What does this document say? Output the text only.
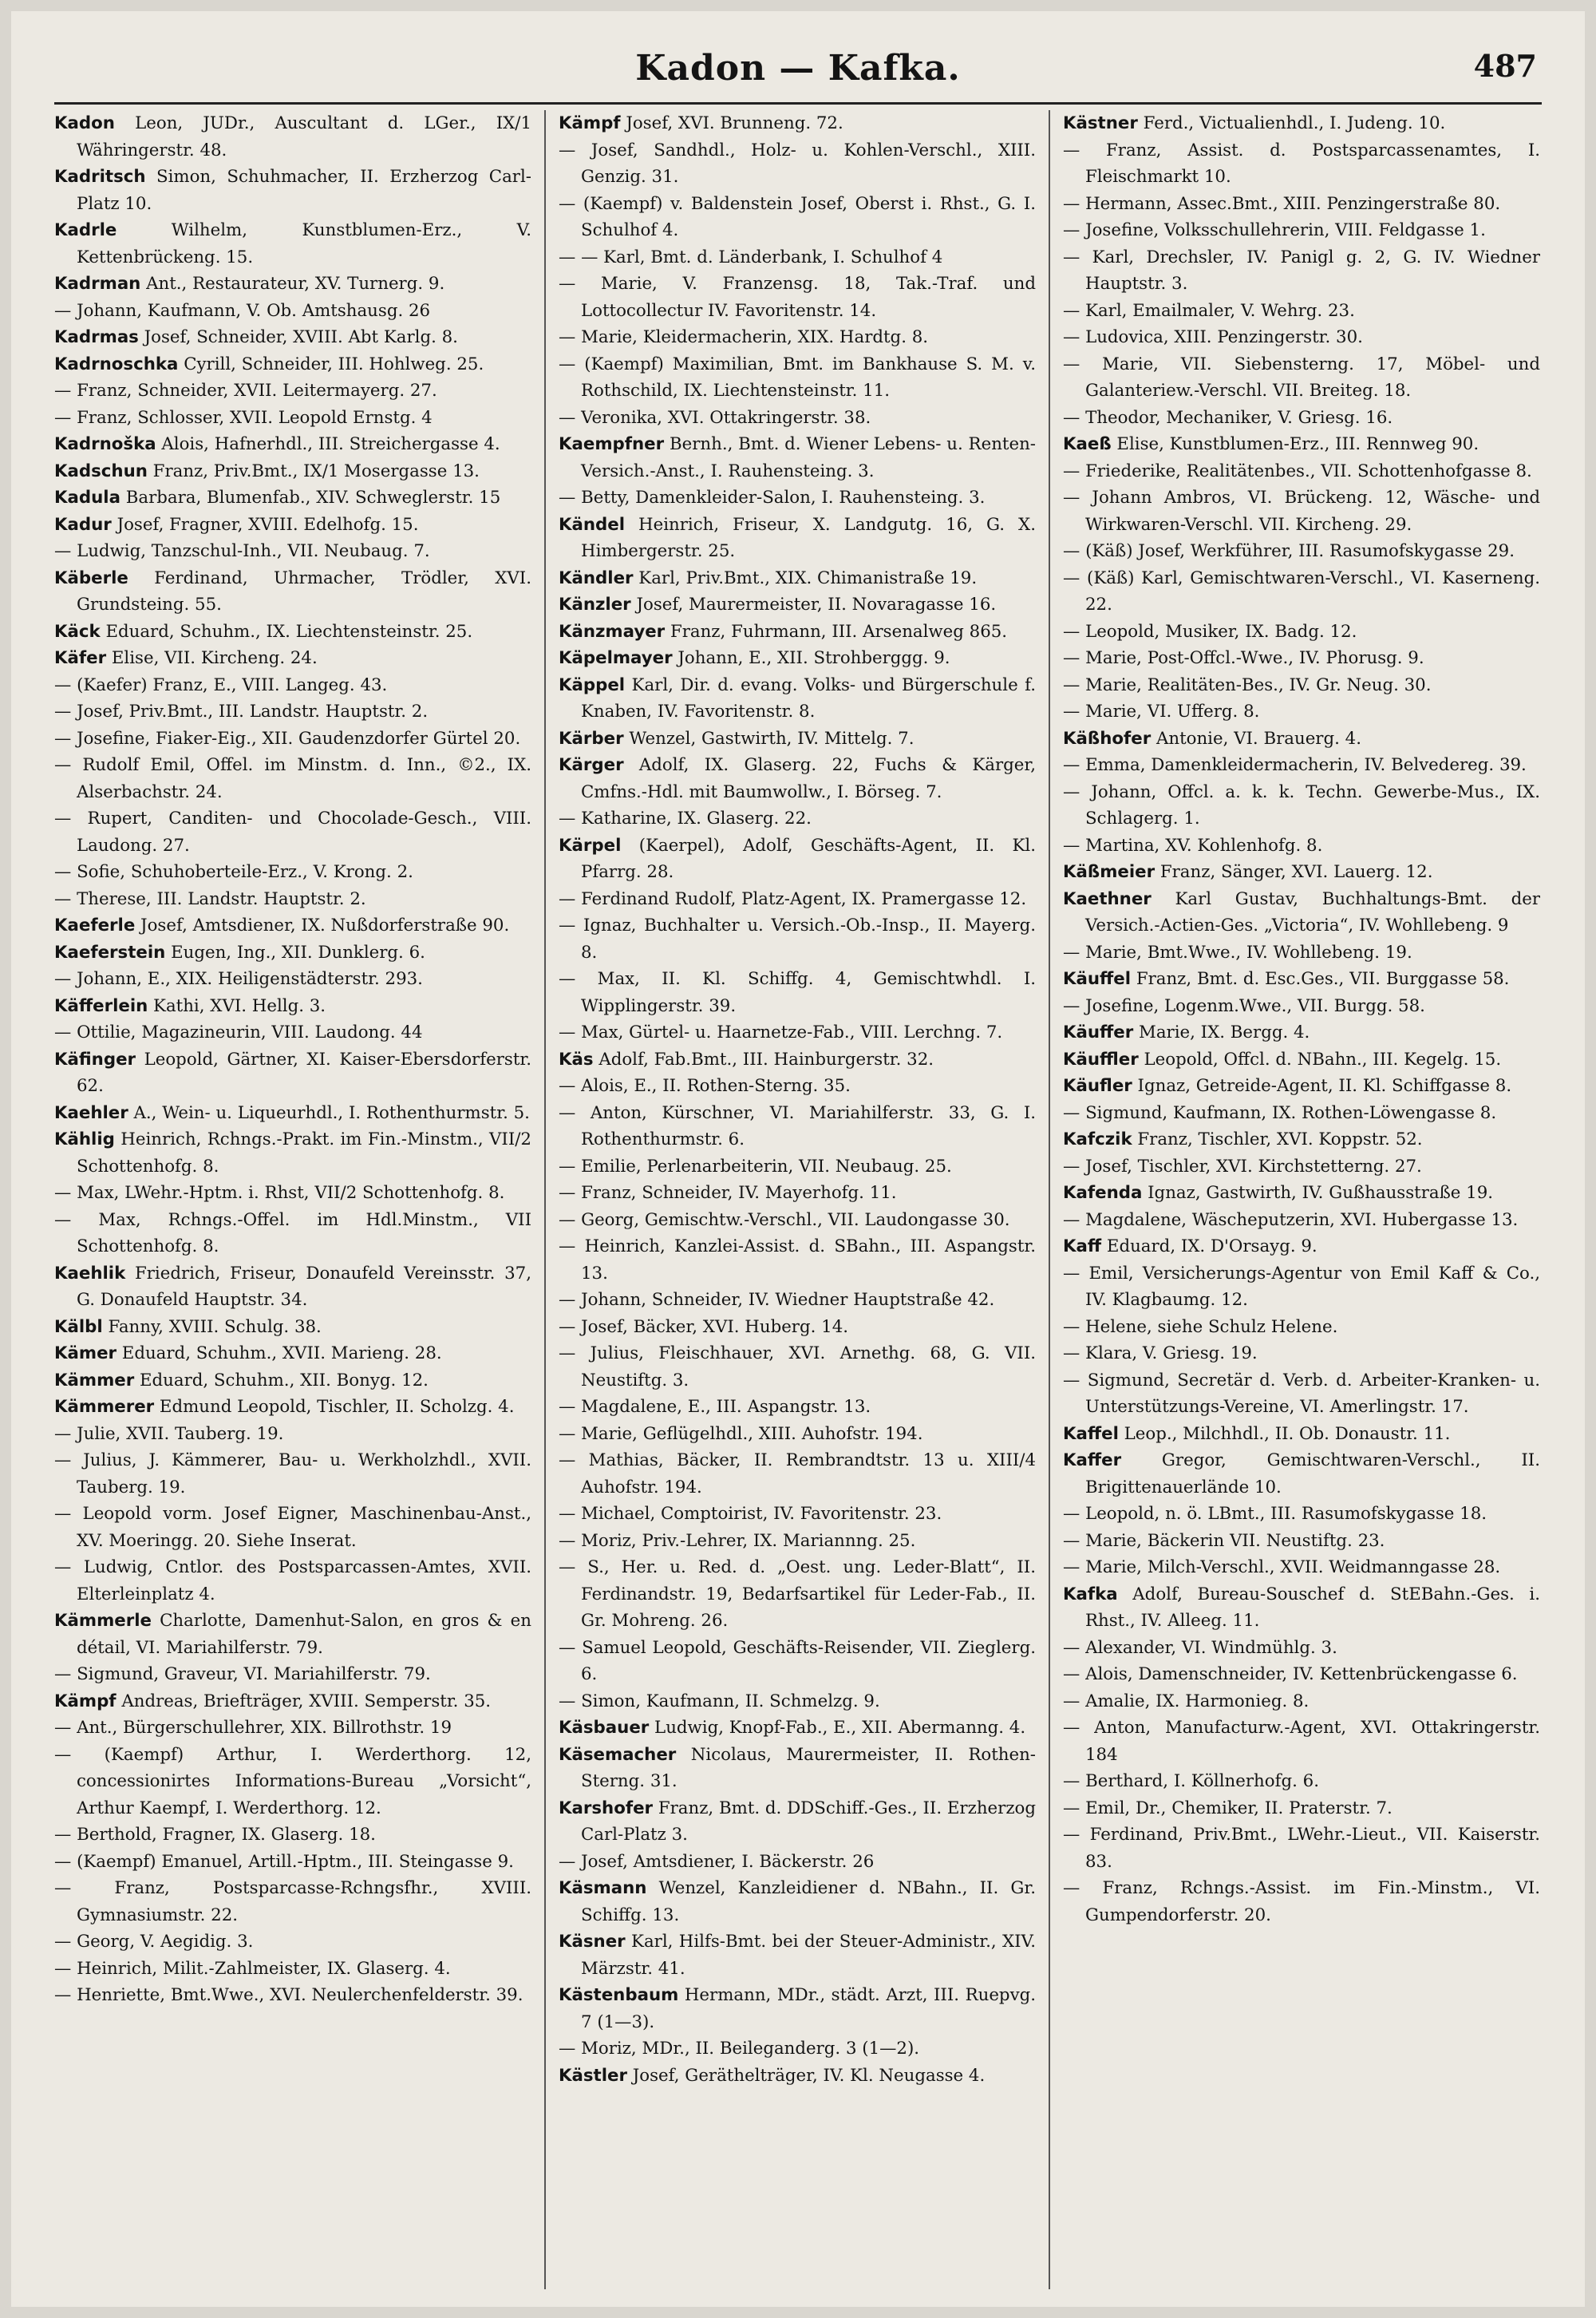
Kadon — Kafka.	487

Kadon Leon, JUDr., Auscultant d. LGer., IX/1 Währingerstr. 48.

Kadritsch Simon, Schuhmacher, II. Erzherzog Carl-Platz 10.

Kadrle Wilhelm, Kunstblumen-Erz., V. Kettenbrückeng. 15.

Kadrman Ant., Restaurateur, XV. Turnerg. 9.

— Johann, Kaufmann, V. Ob. Amtshausg. 26

Kadrmas Josef, Schneider, XVIII. Abt Karlg. 8.

Kadrnoschka Cyrill, Schneider, III. Hohlweg. 25.

— Franz, Schneider, XVII. Leitermayerg. 27.

— Franz, Schlosser, XVII. Leopold Ernstg. 4

Kadrnoška Alois, Hafnerhdl., III. Streichergasse 4.

Kadschun Franz, Priv.Bmt., IX/1 Mosergasse 13.

Kadula Barbara, Blumenfab., XIV. Schweglerstr. 15

Kadur Josef, Fragner, XVIII. Edelhofg. 15.

— Ludwig, Tanzschul-Inh., VII. Neubaug. 7.

Käberle Ferdinand, Uhrmacher, Trödler, XVI. Grundsteing. 55.

Käck Eduard, Schuhm., IX. Liechtensteinstr. 25.

Käfer Elise, VII. Kircheng. 24.

— (Kaefer) Franz, E., VIII. Langeg. 43.

— Josef, Priv.Bmt., III. Landstr. Hauptstr. 2.

— Josefine, Fiaker-Eig., XII. Gaudenzdorfer Gürtel 20.

— Rudolf Emil, Offel. im Minstm. d. Inn., ©2., IX. Alserbachstr. 24.

— Rupert, Canditen- und Chocolade-Gesch., VIII. Laudong. 27.

— Sofie, Schuhoberteile-Erz., V. Krong. 2.

— Therese, III. Landstr. Hauptstr. 2.

Kaeferle Josef, Amtsdiener, IX. Nußdorferstraße 90.

Kaeferstein Eugen, Ing., XII. Dunklerg. 6.

— Johann, E., XIX. Heiligenstädterstr. 293.

Käfferlein Kathi, XVI. Hellg. 3.

— Ottilie, Magazineurin, VIII. Laudong. 44

Käfinger Leopold, Gärtner, XI. Kaiser-Ebersdorferstr. 62.

Kaehler A., Wein- u. Liqueurhdl., I. Rothenthurmstr. 5.

Kählig Heinrich, Rchngs.-Prakt. im Fin.-Minstm., VII/2 Schottenhofg. 8.

— Max, LWehr.-Hptm. i. Rhst, VII/2 Schottenhofg. 8.

— Max, Rchngs.-Offel. im Hdl.Minstm., VII Schottenhofg. 8.

Kaehlik Friedrich, Friseur, Donaufeld Vereinsstr. 37, G. Donaufeld Hauptstr. 34.

Kälbl Fanny, XVIII. Schulg. 38.

Kämer Eduard, Schuhm., XVII. Marieng. 28.

Kämmer Eduard, Schuhm., XII. Bonyg. 12.

Kämmerer Edmund Leopold, Tischler, II. Scholzg. 4.

— Julie, XVII. Tauberg. 19.

— Julius, J. Kämmerer, Bau- u. Werkholzhdl., XVII. Tauberg. 19.

— Leopold vorm. Josef Eigner, Maschinenbau-Anst., XV. Moeringg. 20. Siehe Inserat.

— Ludwig, Cntlor. des Postsparcassen-Amtes, XVII. Elterleinplatz 4.

Kämmerle Charlotte, Damenhut-Salon, en gros & en détail, VI. Mariahilferstr. 79.

— Sigmund, Graveur, VI. Mariahilferstr. 79.

Kämpf Andreas, Briefträger, XVIII. Semperstr. 35.

— Ant., Bürgerschullehrer, XIX. Billrothstr. 19

— (Kaempf) Arthur, I. Werderthorg. 12, concessionirtes Informations-Bureau „Vorsicht“, Arthur Kaempf, I. Werderthorg. 12.

— Berthold, Fragner, IX. Glaserg. 18.

— (Kaempf) Emanuel, Artill.-Hptm., III. Steingasse 9.

— Franz, Postsparcasse-Rchngsfhr., XVIII. Gymnasiumstr. 22.

— Georg, V. Aegidig. 3.

— Heinrich, Milit.-Zahlmeister, IX. Glaserg. 4.

— Henriette, Bmt.Wwe., XVI. Neulerchenfelderstr. 39.

Kämpf Josef, XVI. Brunneng. 72.

— Josef, Sandhdl., Holz- u. Kohlen-Verschl., XIII. Genzig. 31.

— (Kaempf) v. Baldenstein Josef, Oberst i. Rhst., G. I. Schulhof 4.

— — Karl, Bmt. d. Länderbank, I. Schulhof 4

— Marie, V. Franzensg. 18, Tak.-Traf. und Lottocollectur IV. Favoritenstr. 14.

— Marie, Kleidermacherin, XIX. Hardtg. 8.

— (Kaempf) Maximilian, Bmt. im Bankhause S. M. v. Rothschild, IX. Liechtensteinstr. 11.

— Veronika, XVI. Ottakringerstr. 38.

Kaempfner Bernh., Bmt. d. Wiener Lebens- u. Renten-Versich.-Anst., I. Rauhensteing. 3.

— Betty, Damenkleider-Salon, I. Rauhensteing. 3.

Kändel Heinrich, Friseur, X. Landgutg. 16, G. X. Himbergerstr. 25.

Kändler Karl, Priv.Bmt., XIX. Chimanistraße 19.

Känzler Josef, Maurermeister, II. Novaragasse 16.

Känzmayer Franz, Fuhrmann, III. Arsenalweg 865.

Käpelmayer Johann, E., XII. Strohberggg. 9.

Käppel Karl, Dir. d. evang. Volks- und Bürgerschule f. Knaben, IV. Favoritenstr. 8.

Kärber Wenzel, Gastwirth, IV. Mittelg. 7.

Kärger Adolf, IX. Glaserg. 22, Fuchs & Kärger, Cmfns.-Hdl. mit Baumwollw., I. Börseg. 7.

— Katharine, IX. Glaserg. 22.

Kärpel (Kaerpel), Adolf, Geschäfts-Agent, II. Kl. Pfarrg. 28.

— Ferdinand Rudolf, Platz-Agent, IX. Pramergasse 12.

— Ignaz, Buchhalter u. Versich.-Ob.-Insp., II. Mayerg. 8.

— Max, II. Kl. Schiffg. 4, Gemischtwhdl. I. Wipplingerstr. 39.

— Max, Gürtel- u. Haarnetze-Fab., VIII. Lerchng. 7.

Käs Adolf, Fab.Bmt., III. Hainburgerstr. 32.

— Alois, E., II. Rothen-Sterng. 35.

— Anton, Kürschner, VI. Mariahilferstr. 33, G. I. Rothenthurmstr. 6.

— Emilie, Perlenarbeiterin, VII. Neubaug. 25.

— Franz, Schneider, IV. Mayerhofg. 11.

— Georg, Gemischtw.-Verschl., VII. Laudongasse 30.

— Heinrich, Kanzlei-Assist. d. SBahn., III. Aspangstr. 13.

— Johann, Schneider, IV. Wiedner Hauptstraße 42.

— Josef, Bäcker, XVI. Huberg. 14.

— Julius, Fleischhauer, XVI. Arnethg. 68, G. VII. Neustiftg. 3.

— Magdalene, E., III. Aspangstr. 13.

— Marie, Geflügelhdl., XIII. Auhofstr. 194.

— Mathias, Bäcker, II. Rembrandtstr. 13 u. XIII/4 Auhofstr. 194.

— Michael, Comptoirist, IV. Favoritenstr. 23.

— Moriz, Priv.-Lehrer, IX. Mariannng. 25.

— S., Her. u. Red. d. „Oest. ung. Leder-Blatt“, II. Ferdinandstr. 19, Bedarfsartikel für Leder-Fab., II. Gr. Mohreng. 26.

— Samuel Leopold, Geschäfts-Reisender, VII. Zieglerg. 6.

— Simon, Kaufmann, II. Schmelzg. 9.

Käsbauer Ludwig, Knopf-Fab., E., XII. Abermanng. 4.

Käsemacher Nicolaus, Maurermeister, II. Rothen-Sterng. 31.

Karshofer Franz, Bmt. d. DDSchiff.-Ges., II. Erzherzog Carl-Platz 3.

— Josef, Amtsdiener, I. Bäckerstr. 26

Käsmann Wenzel, Kanzleidiener d. NBahn., II. Gr. Schiffg. 13.

Käsner Karl, Hilfs-Bmt. bei der Steuer-Administr., XIV. Märzstr. 41.

Kästenbaum Hermann, MDr., städt. Arzt, III. Ruepvg. 7 (1—3).

— Moriz, MDr., II. Beileganderg. 3 (1—2).

Kästler Josef, Geräthelträger, IV. Kl. Neugasse 4.

Kästner Ferd., Victualienhdl., I. Judeng. 10.

— Franz, Assist. d. Postsparcassenamtes, I. Fleischmarkt 10.

— Hermann, Assec.Bmt., XIII. Penzingerstraße 80.

— Josefine, Volksschullehrerin, VIII. Feldgasse 1.

— Karl, Drechsler, IV. Panigl g. 2, G. IV. Wiedner Hauptstr. 3.

— Karl, Emailmaler, V. Wehrg. 23.

— Ludovica, XIII. Penzingerstr. 30.

— Marie, VII. Siebensterng. 17, Möbel- und Galanteriew.-Verschl. VII. Breiteg. 18.

— Theodor, Mechaniker, V. Griesg. 16.

Kaeß Elise, Kunstblumen-Erz., III. Rennweg 90.

— Friederike, Realitätenbes., VII. Schottenhofgasse 8.

— Johann Ambros, VI. Brückeng. 12, Wäsche- und Wirkwaren-Verschl. VII. Kircheng. 29.

— (Käß) Josef, Werkführer, III. Rasumofskygasse 29.

— (Käß) Karl, Gemischtwaren-Verschl., VI. Kaserneng. 22.

— Leopold, Musiker, IX. Badg. 12.

— Marie, Post-Offcl.-Wwe., IV. Phorusg. 9.

— Marie, Realitäten-Bes., IV. Gr. Neug. 30.

— Marie, VI. Ufferg. 8.

Käßhofer Antonie, VI. Brauerg. 4.

— Emma, Damenkleidermacherin, IV. Belvedereg. 39.

— Johann, Offcl. a. k. k. Techn. Gewerbe-Mus., IX. Schlagerg. 1.

— Martina, XV. Kohlenhofg. 8.

Käßmeier Franz, Sänger, XVI. Lauerg. 12.

Kaethner Karl Gustav, Buchhaltungs-Bmt. der Versich.-Actien-Ges. „Victoria“, IV. Wohllebeng. 9

— Marie, Bmt.Wwe., IV. Wohllebeng. 19.

Käuffel Franz, Bmt. d. Esc.Ges., VII. Burggasse 58.

— Josefine, Logenm.Wwe., VII. Burgg. 58.

Käuffer Marie, IX. Bergg. 4.

Käuffler Leopold, Offcl. d. NBahn., III. Kegelg. 15.

Käufler Ignaz, Getreide-Agent, II. Kl. Schiffgasse 8.

— Sigmund, Kaufmann, IX. Rothen-Löwengasse 8.

Kafczik Franz, Tischler, XVI. Koppstr. 52.

— Josef, Tischler, XVI. Kirchstetterng. 27.

Kafenda Ignaz, Gastwirth, IV. Gußhausstraße 19.

— Magdalene, Wäscheputzerin, XVI. Hubergasse 13.

Kaff Eduard, IX. D'Orsayg. 9.

— Emil, Versicherungs-Agentur von Emil Kaff & Co., IV. Klagbaumg. 12.

— Helene, siehe Schulz Helene.

— Klara, V. Griesg. 19.

— Sigmund, Secretär d. Verb. d. Arbeiter-Kranken- u. Unterstützungs-Vereine, VI. Amerlingstr. 17.

Kaffel Leop., Milchhdl., II. Ob. Donaustr. 11.

Kaffer Gregor, Gemischtwaren-Verschl., II. Brigittenauerlände 10.

— Leopold, n. ö. LBmt., III. Rasumofskygasse 18.

— Marie, Bäckerin VII. Neustiftg. 23.

— Marie, Milch-Verschl., XVII. Weidmanngasse 28.

Kafka Adolf, Bureau-Souschef d. StEBahn.-Ges. i. Rhst., IV. Alleeg. 11.

— Alexander, VI. Windmühlg. 3.

— Alois, Damenschneider, IV. Kettenbrückengasse 6.

— Amalie, IX. Harmonieg. 8.

— Anton, Manufacturw.-Agent, XVI. Ottakringerstr. 184

— Berthard, I. Köllnerhofg. 6.

— Emil, Dr., Chemiker, II. Praterstr. 7.

— Ferdinand, Priv.Bmt., LWehr.-Lieut., VII. Kaiserstr. 83.

— Franz, Rchngs.-Assist. im Fin.-Minstm., VI. Gumpendorferstr. 20.
